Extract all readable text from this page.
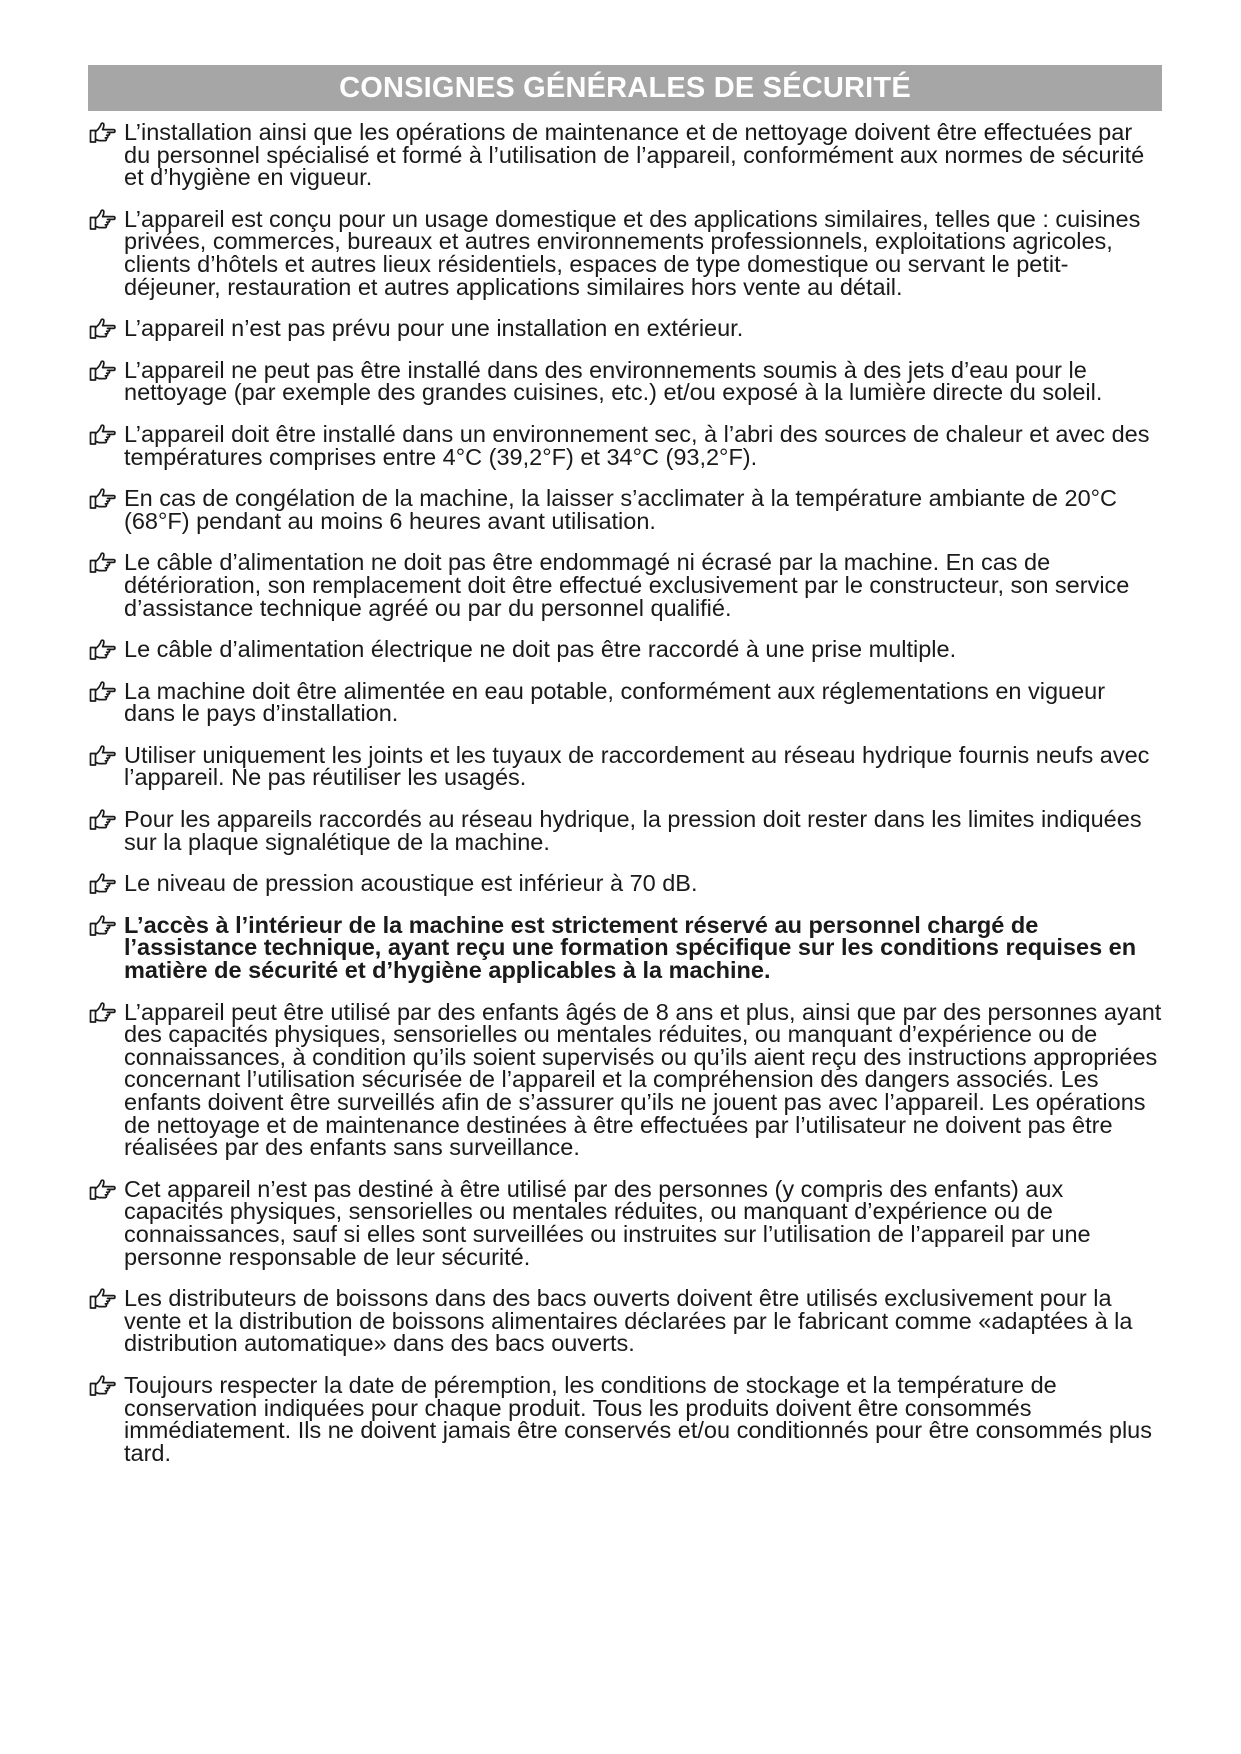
CONSIGNES GÉNÉRALES DE SÉCURITÉ
L’installation ainsi que les opérations de maintenance et de nettoyage doivent être effectuées par du personnel spécialisé et formé à l’utilisation de l’appareil, conformément aux normes de sécurité et d’hygiène en vigueur.
L’appareil est conçu pour un usage domestique et des applications similaires, telles que : cuisines privées, commerces, bureaux et autres environnements professionnels, exploitations agricoles, clients d’hôtels et autres lieux résidentiels, espaces de type domestique ou servant le petit-déjeuner, restauration et autres applications similaires hors vente au détail.
L’appareil n’est pas prévu pour une installation en extérieur.
L’appareil ne peut pas être installé dans des environnements soumis à des jets d’eau pour le nettoyage (par exemple des grandes cuisines, etc.) et/ou exposé à la lumière directe du soleil.
L’appareil doit être installé dans un environnement sec, à l’abri des sources de chaleur et avec des températures comprises entre 4°C (39,2°F) et 34°C (93,2°F).
En cas de congélation de la machine, la laisser s’acclimater à la température ambiante de 20°C (68°F) pendant au moins 6 heures avant utilisation.
Le câble d’alimentation ne doit pas être endommagé ni écrasé par la machine. En cas de détérioration, son remplacement doit être effectué exclusivement par le constructeur, son service d’assistance technique agréé ou par du personnel qualifié.
Le câble d’alimentation électrique ne doit pas être raccordé à une prise multiple.
La machine doit être alimentée en eau potable, conformément aux réglementations en vigueur dans le pays d’installation.
Utiliser uniquement les joints et les tuyaux de raccordement au réseau hydrique fournis neufs avec l’appareil. Ne pas réutiliser les usagés.
Pour les appareils raccordés au réseau hydrique, la pression doit rester dans les limites indiquées sur la plaque signalétique de la machine.
Le niveau de pression acoustique est inférieur à 70 dB.
L’accès à l’intérieur de la machine est strictement réservé au personnel chargé de l’assistance technique, ayant reçu une formation spécifique sur les conditions requises en matière de sécurité et d’hygiène applicables à la machine.
L’appareil peut être utilisé par des enfants âgés de 8 ans et plus, ainsi que par des personnes ayant des capacités physiques, sensorielles ou mentales réduites, ou manquant d’expérience ou de connaissances, à condition qu’ils soient supervisés ou qu’ils aient reçu des instructions appropriées concernant l’utilisation sécurisée de l’appareil et la compréhension des dangers associés. Les enfants doivent être surveillés afin de s’assurer qu’ils ne jouent pas avec l’appareil. Les opérations de nettoyage et de maintenance destinées à être effectuées par l’utilisateur ne doivent pas être réalisées par des enfants sans surveillance.
Cet appareil n’est pas destiné à être utilisé par des personnes (y compris des enfants) aux capacités physiques, sensorielles ou mentales réduites, ou manquant d’expérience ou de connaissances, sauf si elles sont surveillées ou instruites sur l’utilisation de l’appareil par une personne responsable de leur sécurité.
Les distributeurs de boissons dans des bacs ouverts doivent être utilisés exclusivement pour la vente et la distribution de boissons alimentaires déclarées par le fabricant comme «adaptées à la distribution automatique» dans des bacs ouverts.
Toujours respecter la date de péremption, les conditions de stockage et la température de conservation indiquées pour chaque produit. Tous les produits doivent être consommés immédiatement. Ils ne doivent jamais être conservés et/ou conditionnés pour être consommés plus tard.
